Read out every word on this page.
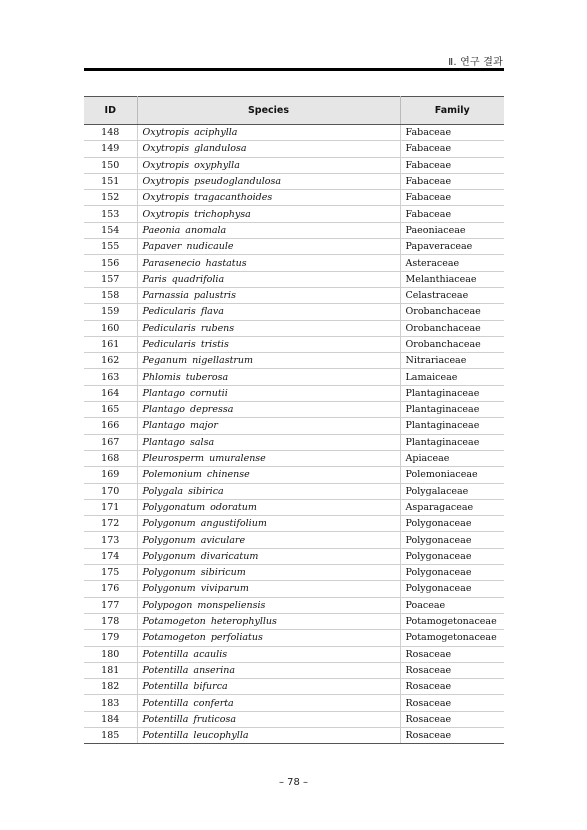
Ⅱ. 연구 결과
ID	Species	Family
148	Oxytropis aciphylla	Fabaceae
149	Oxytropis glandulosa	Fabaceae
150	Oxytropis oxyphylla	Fabaceae
151	Oxytropis pseudoglandulosa	Fabaceae
152	Oxytropis tragacanthoides	Fabaceae
153	Oxytropis trichophysa	Fabaceae
154	Paeonia anomala	Paeoniaceae
155	Papaver nudicaule	Papaveraceae
156	Parasenecio hastatus	Asteraceae
157	Paris quadrifolia	Melanthiaceae
158	Parnassia palustris	Celastraceae
159	Pedicularis flava	Orobanchaceae
160	Pedicularis rubens	Orobanchaceae
161	Pedicularis tristis	Orobanchaceae
162	Peganum nigellastrum	Nitrariaceae
163	Phlomis tuberosa	Lamaiceae
164	Plantago cornutii	Plantaginaceae
165	Plantago depressa	Plantaginaceae
166	Plantago major	Plantaginaceae
167	Plantago salsa	Plantaginaceae
168	Pleurosperm umuralense	Apiaceae
169	Polemonium chinense	Polemoniaceae
170	Polygala sibirica	Polygalaceae
171	Polygonatum odoratum	Asparagaceae
172	Polygonum angustifolium	Polygonaceae
173	Polygonum aviculare	Polygonaceae
174	Polygonum divaricatum	Polygonaceae
175	Polygonum sibiricum	Polygonaceae
176	Polygonum viviparum	Polygonaceae
177	Polypogon monspeliensis	Poaceae
178	Potamogeton heterophyllus	Potamogetonaceae
179	Potamogeton perfoliatus	Potamogetonaceae
180	Potentilla acaulis	Rosaceae
181	Potentilla anserina	Rosaceae
182	Potentilla bifurca	Rosaceae
183	Potentilla conferta	Rosaceae
184	Potentilla fruticosa	Rosaceae
185	Potentilla leucophylla	Rosaceae
– 78 –
